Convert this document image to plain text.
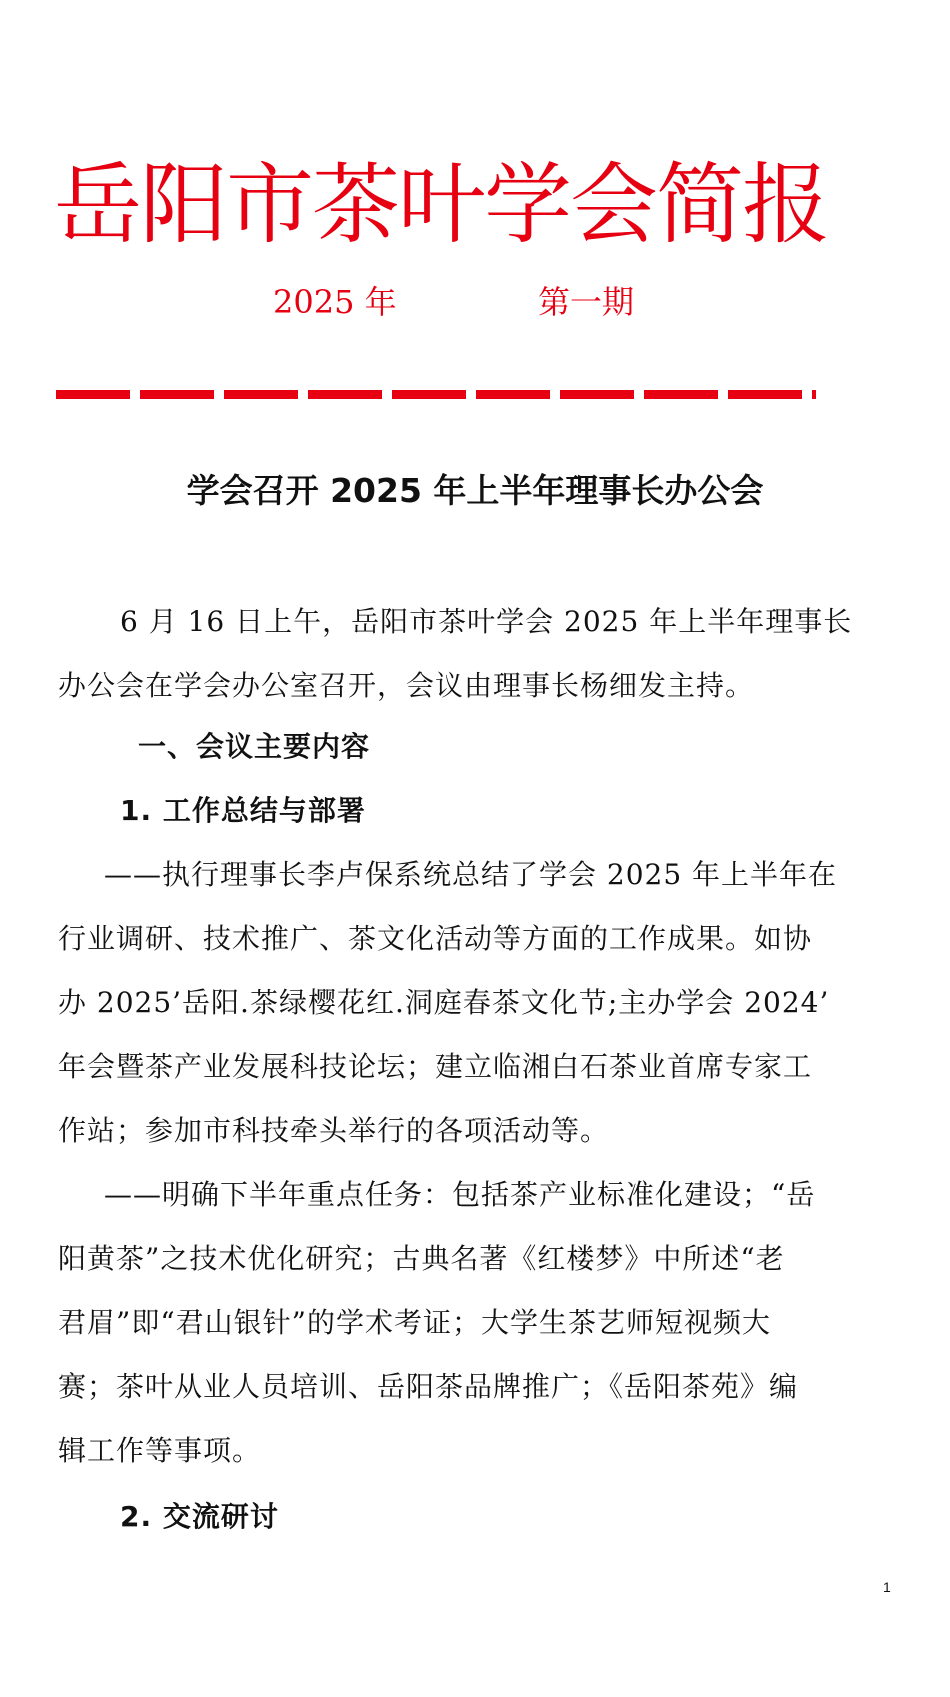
岳阳市茶叶学会简报
2025 年	第一期
学会召开 2025 年上半年理事长办公会
6 月 16 日上午，岳阳市茶叶学会 2025 年上半年理事长
办公会在学会办公室召开，会议由理事长杨细发主持。
一、会议主要内容
1. 工作总结与部署
——执行理事长李卢保系统总结了学会 2025 年上半年在
行业调研、技术推广、茶文化活动等方面的工作成果。如协
办 2025’岳阳.茶绿樱花红.洞庭春茶文化节;主办学会 2024’
年会暨茶产业发展科技论坛；建立临湘白石茶业首席专家工
作站；参加市科技牵头举行的各项活动等。
——明确下半年重点任务：包括茶产业标准化建设；“岳
阳黄茶”之技术优化研究；古典名著《红楼梦》中所述“老
君眉”即“君山银针”的学术考证；大学生茶艺师短视频大
赛；茶叶从业人员培训、岳阳茶品牌推广；《岳阳茶苑》编
辑工作等事项。
2. 交流研讨
1
